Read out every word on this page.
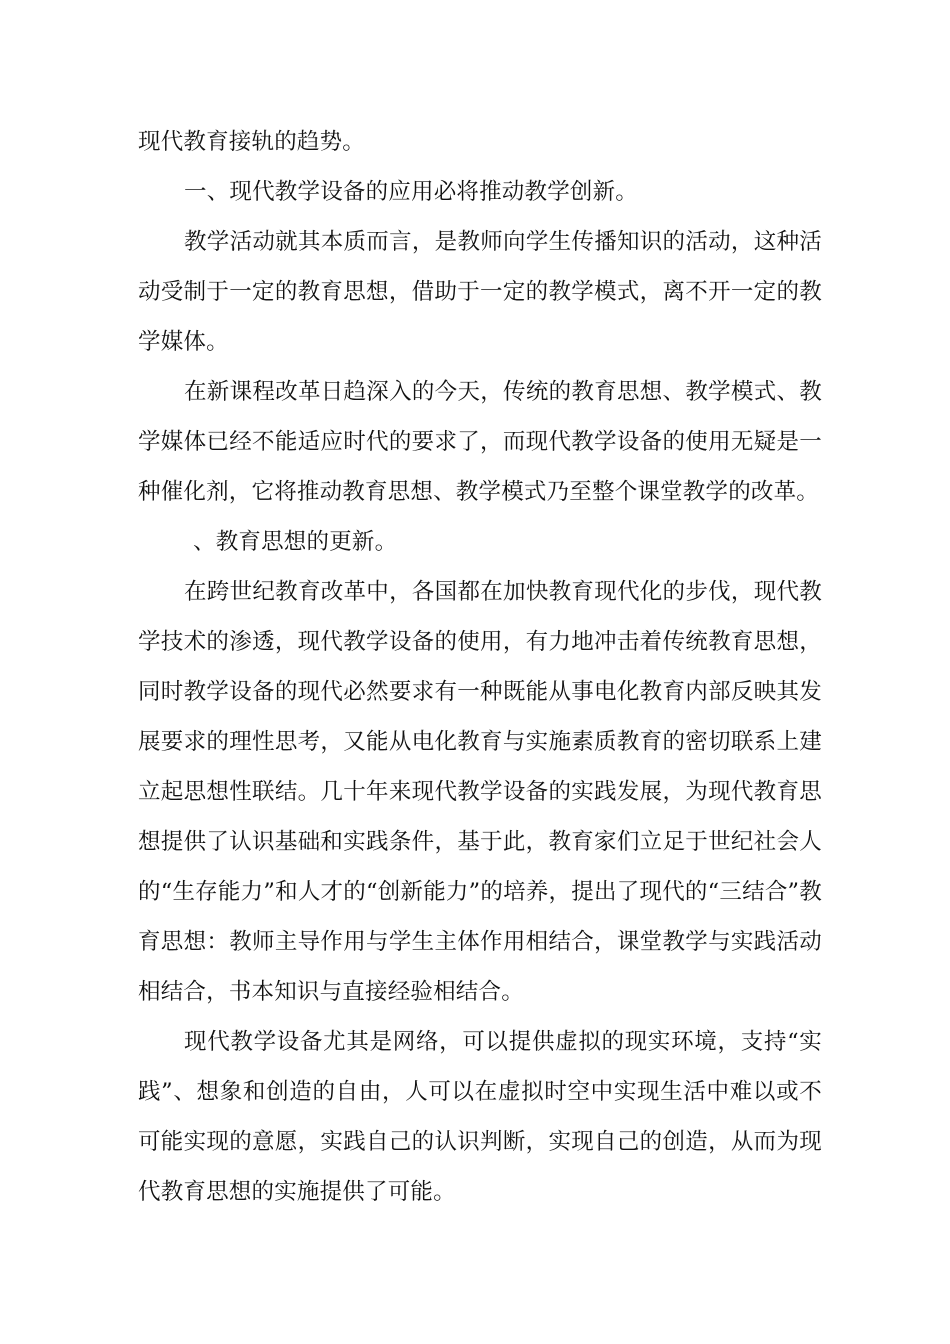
现代教育接轨的趋势。

一、现代教学设备的应用必将推动教学创新。

教学活动就其本质而言，是教师向学生传播知识的活动，这种活动受制于一定的教育思想，借助于一定的教学模式，离不开一定的教学媒体。

在新课程改革日趋深入的今天，传统的教育思想、教学模式、教学媒体已经不能适应时代的要求了，而现代教学设备的使用无疑是一种催化剂，它将推动教育思想、教学模式乃至整个课堂教学的改革。

、教育思想的更新。

在跨世纪教育改革中，各国都在加快教育现代化的步伐，现代教学技术的渗透，现代教学设备的使用，有力地冲击着传统教育思想，同时教学设备的现代必然要求有一种既能从事电化教育内部反映其发展要求的理性思考，又能从电化教育与实施素质教育的密切联系上建立起思想性联结。几十年来现代教学设备的实践发展，为现代教育思想提供了认识基础和实践条件，基于此，教育家们立足于世纪社会人的“生存能力”和人才的“创新能力”的培养，提出了现代的“三结合”教育思想：教师主导作用与学生主体作用相结合，课堂教学与实践活动相结合，书本知识与直接经验相结合。

现代教学设备尤其是网络，可以提供虚拟的现实环境，支持“实践”、想象和创造的自由，人可以在虚拟时空中实现生活中难以或不可能实现的意愿，实践自己的认识判断，实现自己的创造，从而为现代教育思想的实施提供了可能。
